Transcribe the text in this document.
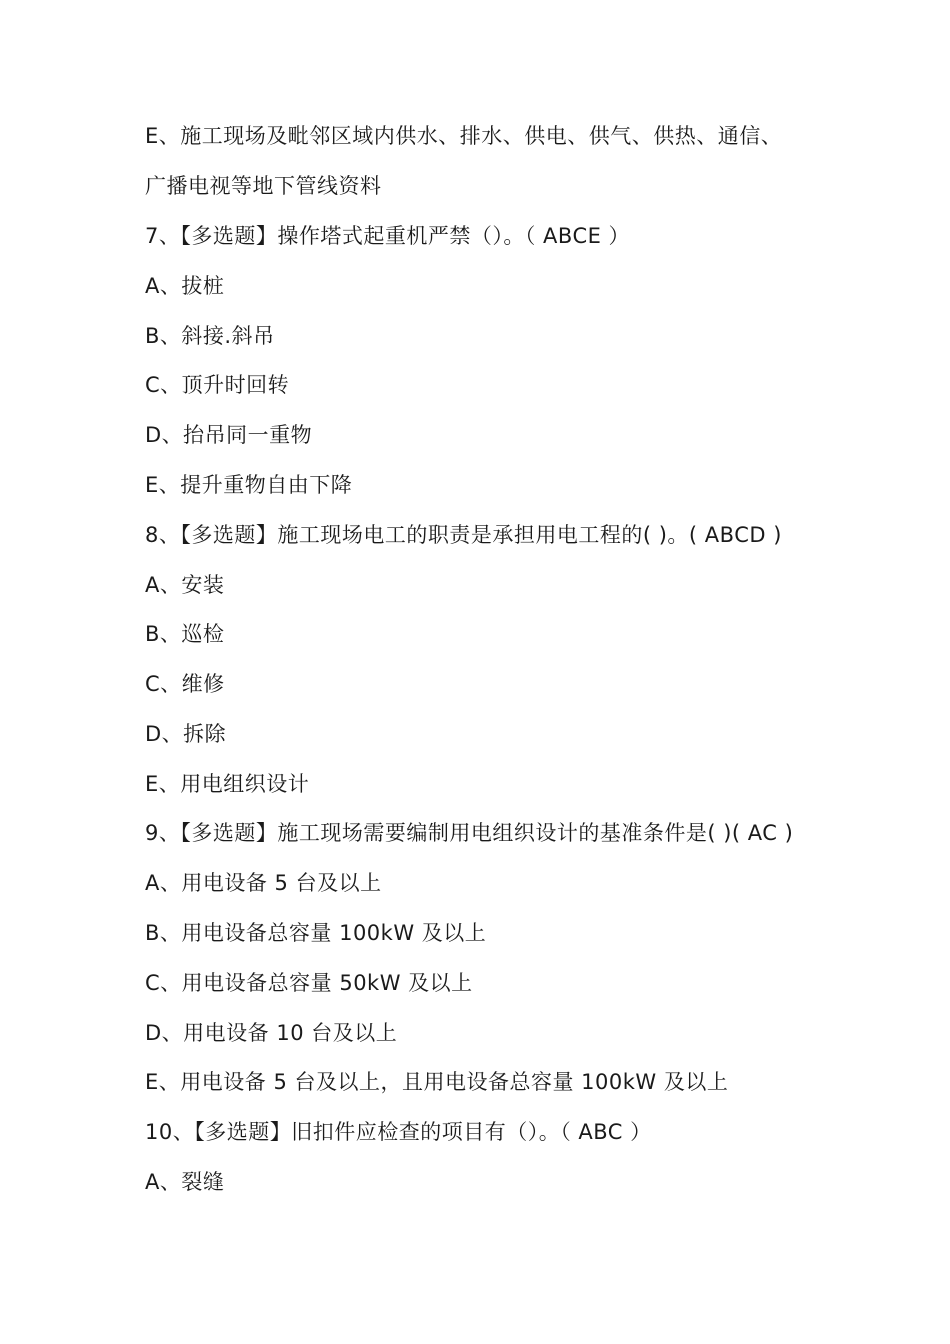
E、施工现场及毗邻区域内供水、排水、供电、供气、供热、通信、
广播电视等地下管线资料
7、【多选题】操作塔式起重机严禁（）。（ ABCE ）
A、拔桩
B、斜接.斜吊
C、顶升时回转
D、抬吊同一重物
E、提升重物自由下降
8、【多选题】施工现场电工的职责是承担用电工程的( )。( ABCD )
A、安装
B、巡检
C、维修
D、拆除
E、用电组织设计
9、【多选题】施工现场需要编制用电组织设计的基准条件是( )( AC )
A、用电设备 5 台及以上
B、用电设备总容量 100kW 及以上
C、用电设备总容量 50kW 及以上
D、用电设备 10 台及以上
E、用电设备 5 台及以上，且用电设备总容量 100kW 及以上
10、【多选题】旧扣件应检查的项目有（）。（ ABC ）
A、裂缝
